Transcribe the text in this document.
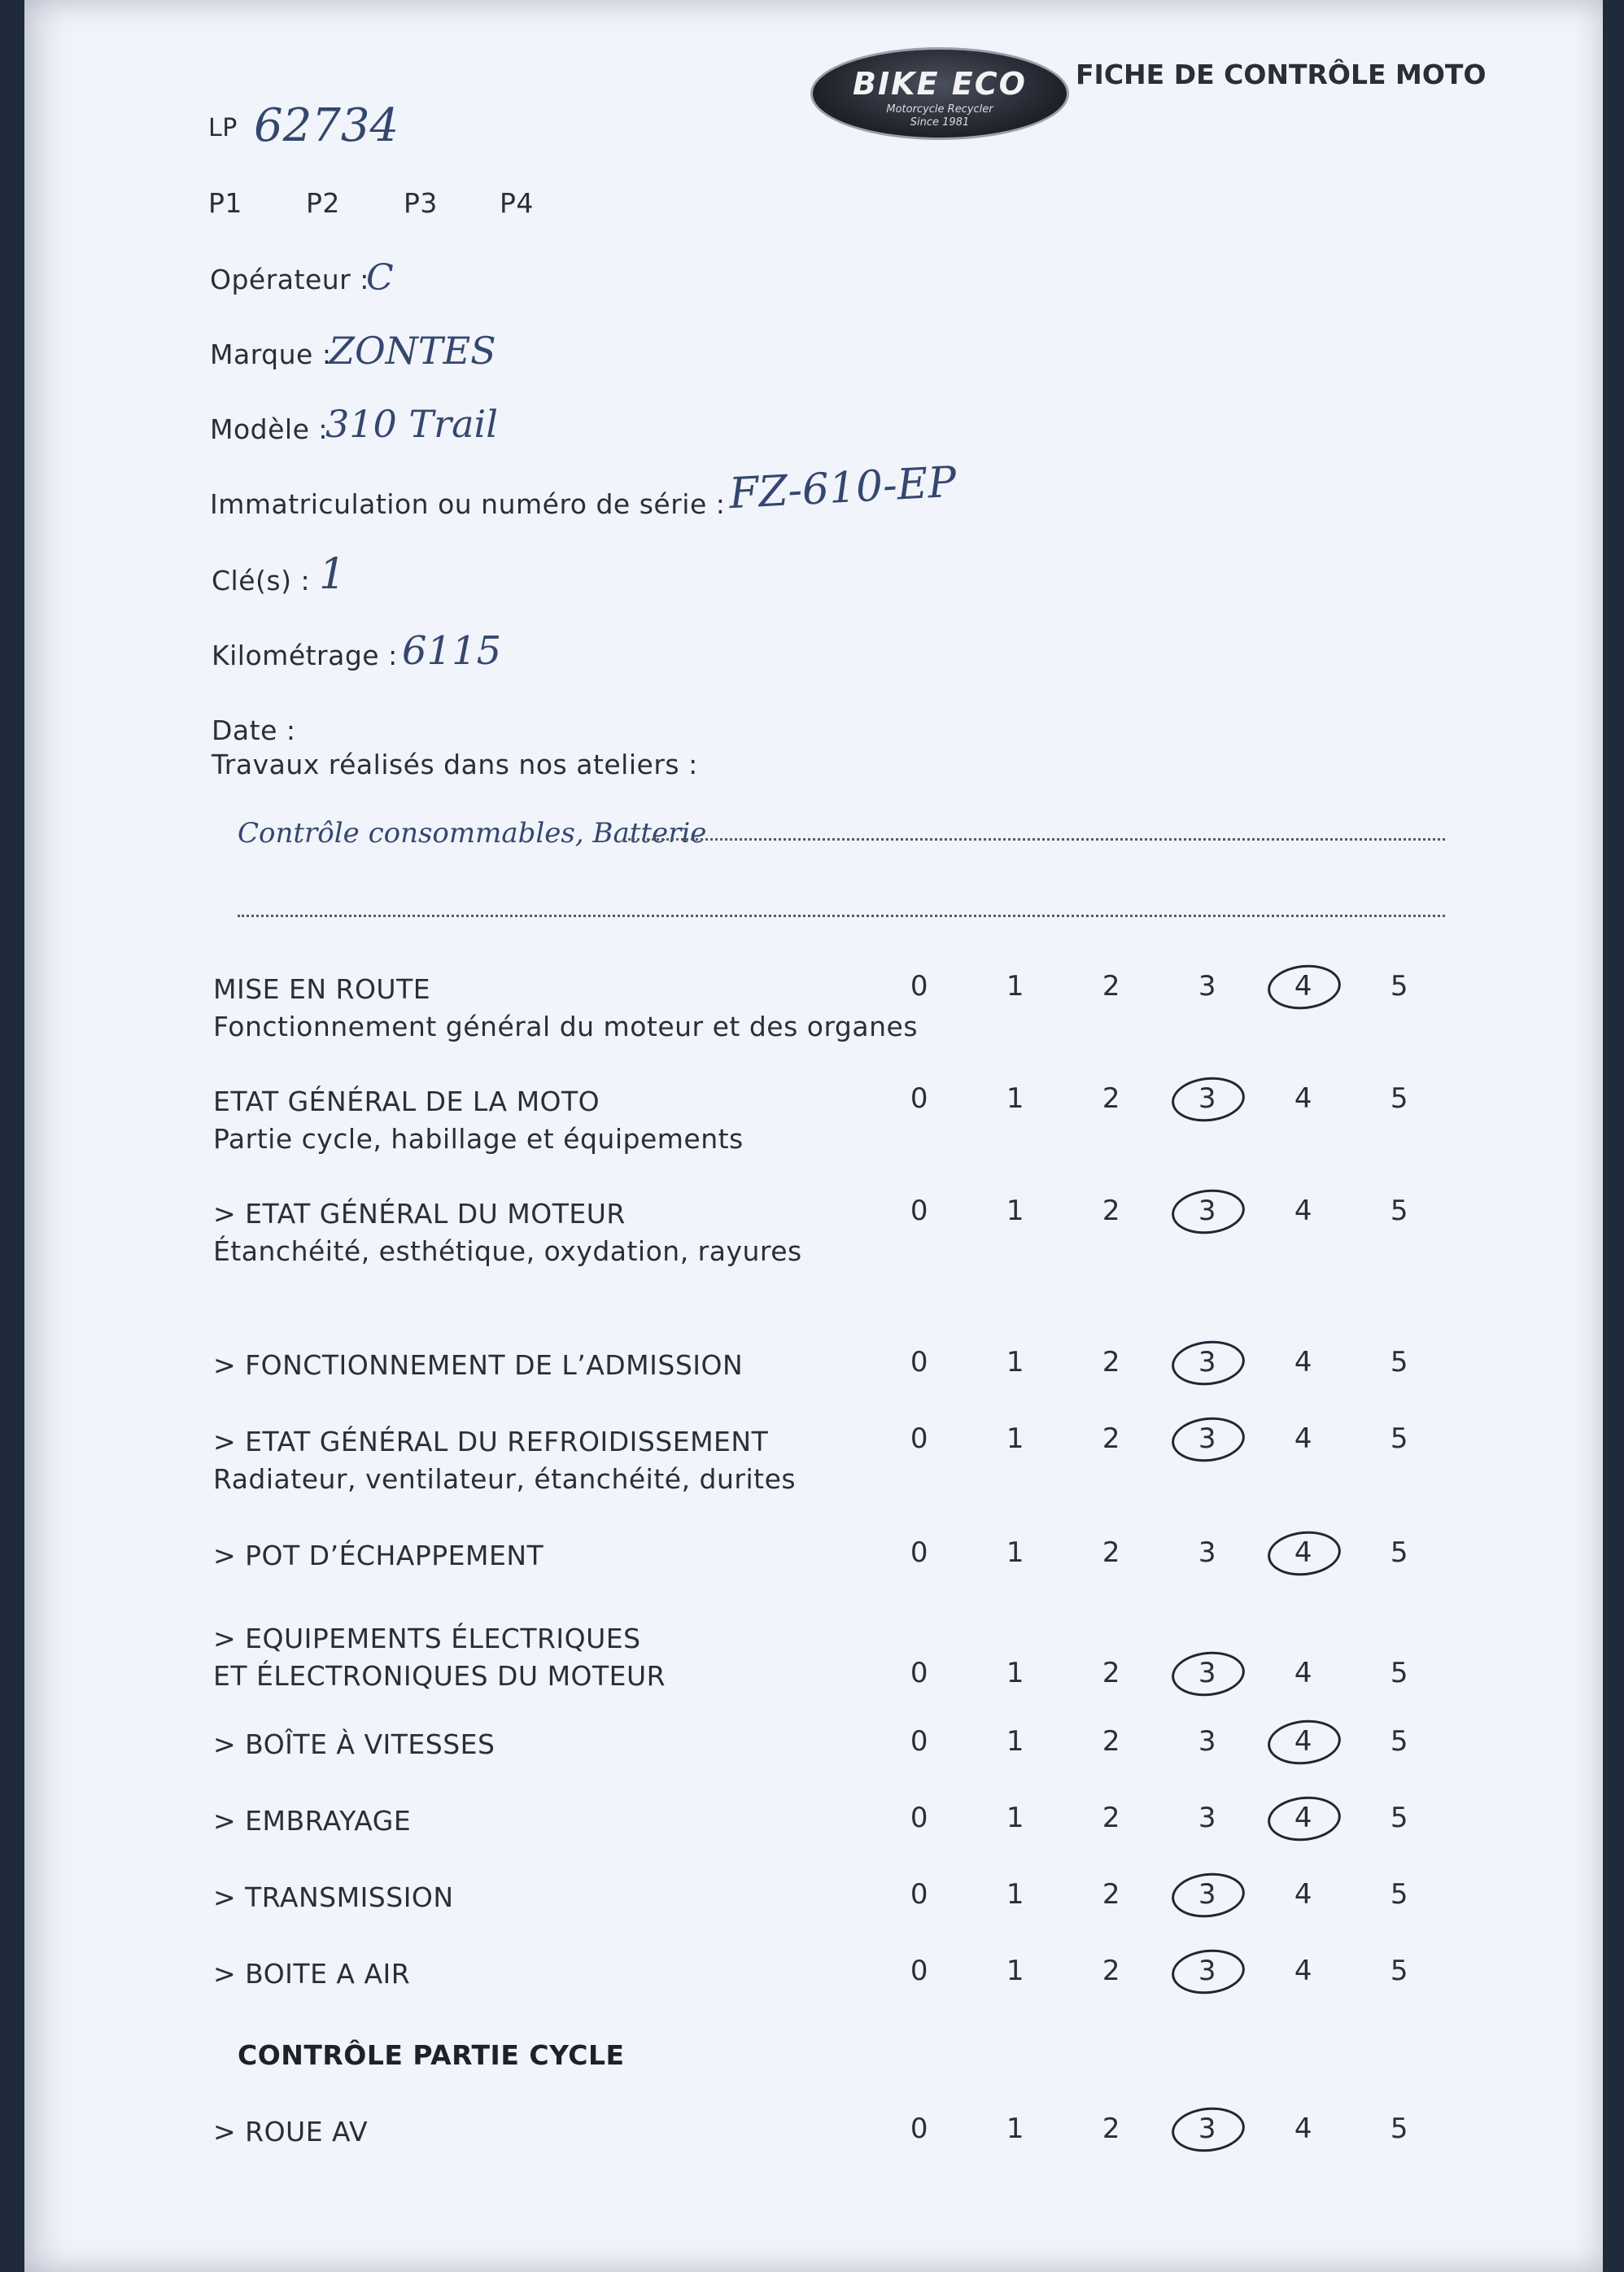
BIKE ECO
Motorcycle Recycler
Since 1981
FICHE DE CONTRÔLE MOTO
LP 62734
P1 P2 P3 P4
Opérateur :
C
Marque :
ZONTES
Modèle :
310 Trail
Immatriculation ou numéro de série : FZ-610-EP
Clé(s) : 1
Kilométrage : 6115
Date :
Travaux réalisés dans nos ateliers :
Contrôle consommables, Batterie
MISE EN ROUTE
Fonctionnement général du moteur et des organes
0	1	2	3	4	5
ETAT GÉNÉRAL DE LA MOTO
Partie cycle, habillage et équipements
0	1	2	3	4	5
> ETAT GÉNÉRAL DU MOTEUR
Étanchéité, esthétique, oxydation, rayures
0	1	2	3	4	5
> FONCTIONNEMENT DE L’ADMISSION	0	1	2	3	4	5
> ETAT GÉNÉRAL DU REFROIDISSEMENT
Radiateur, ventilateur, étanchéité, durites
0	1	2	3	4	5
> POT D’ÉCHAPPEMENT	0	1	2	3	4	5
> EQUIPEMENTS ÉLECTRIQUES
ET ÉLECTRONIQUES DU MOTEUR	0	1	2	3	4	5
> BOÎTE À VITESSES	0	1	2	3	4	5
> EMBRAYAGE	0	1	2	3	4	5
> TRANSMISSION	0	1	2	3	4	5
> BOITE A AIR	0	1	2	3	4	5
CONTRÔLE PARTIE CYCLE
> ROUE AV	0	1	2	3	4	5
